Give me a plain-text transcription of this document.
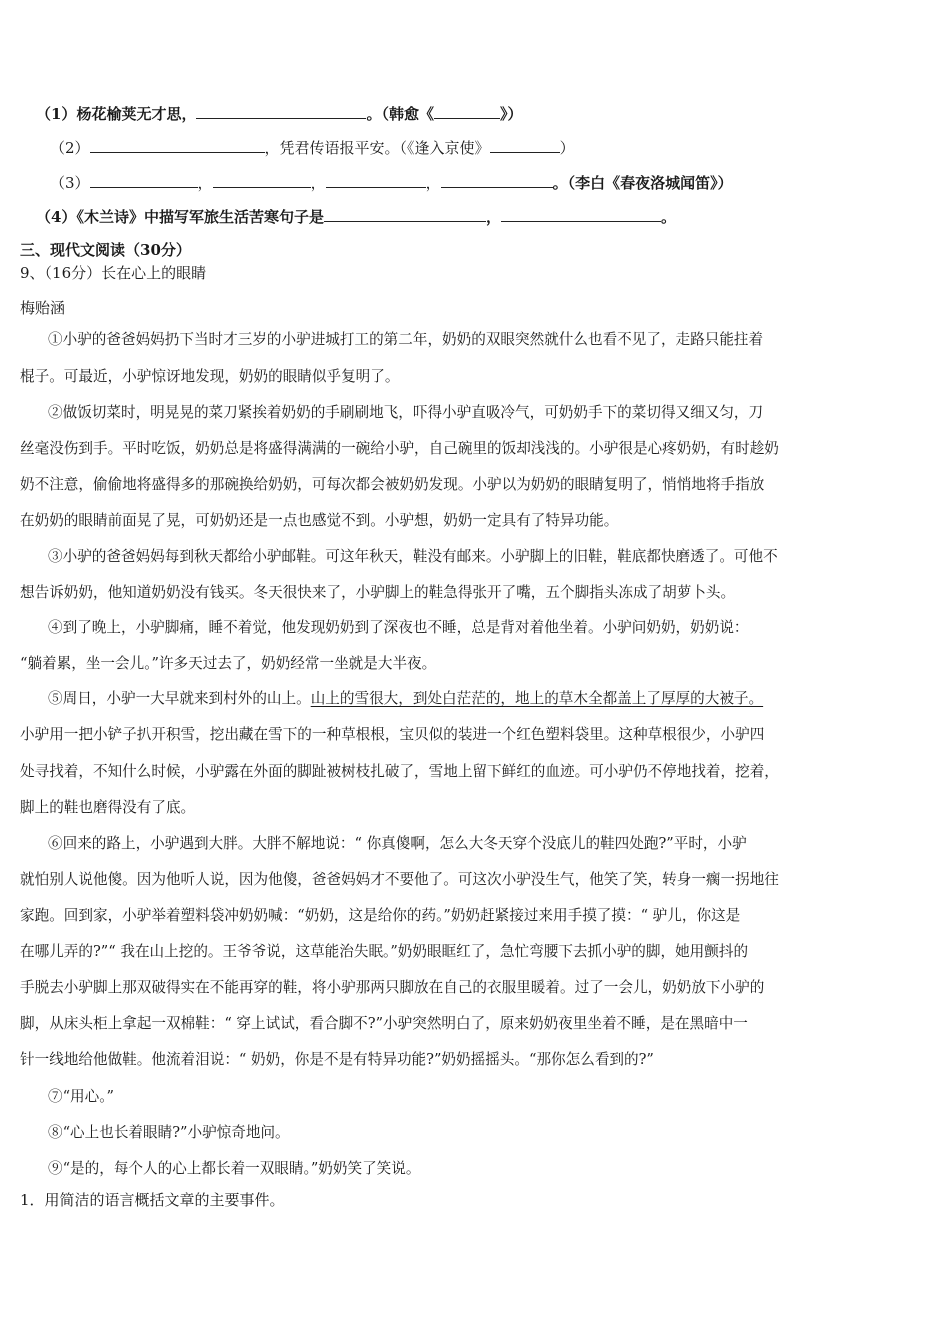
（1）杨花榆荚无才思，	。（韩愈《	》）
（2）	，凭君传语报平安。（《逢入京使》	）
（3）	，	，	，	。（李白《春夜洛城闻笛》）
（4）《木兰诗》中描写军旅生活苦寒句子是	，	。
三、现代文阅读（30分）
9、（16分）长在心上的眼睛
梅贻涵
①小驴的爸爸妈妈扔下当时才三岁的小驴进城打工的第二年，奶奶的双眼突然就什么也看不见了，走路只能拄着
棍子。可最近，小驴惊讶地发现，奶奶的眼睛似乎复明了。
②做饭切菜时，明晃晃的菜刀紧挨着奶奶的手刷刷地飞，吓得小驴直吸冷气，可奶奶手下的菜切得又细又匀，刀
丝毫没伤到手。平时吃饭，奶奶总是将盛得满满的一碗给小驴，自己碗里的饭却浅浅的。小驴很是心疼奶奶，有时趁奶
奶不注意，偷偷地将盛得多的那碗换给奶奶，可每次都会被奶奶发现。小驴以为奶奶的眼睛复明了，悄悄地将手指放
在奶奶的眼睛前面晃了晃，可奶奶还是一点也感觉不到。小驴想，奶奶一定具有了特异功能。
③小驴的爸爸妈妈每到秋天都给小驴邮鞋。可这年秋天，鞋没有邮来。小驴脚上的旧鞋，鞋底都快磨透了。可他不
想告诉奶奶，他知道奶奶没有钱买。冬天很快来了，小驴脚上的鞋急得张开了嘴，五个脚指头冻成了胡萝卜头。
④到了晚上，小驴脚痛，睡不着觉，他发现奶奶到了深夜也不睡，总是背对着他坐着。小驴问奶奶，奶奶说：
“躺着累，坐一会儿。”许多天过去了，奶奶经常一坐就是大半夜。
⑤周日，小驴一大早就来到村外的山上。山上的雪很大，到处白茫茫的，地上的草木全都盖上了厚厚的大被子。
小驴用一把小铲子扒开积雪，挖出藏在雪下的一种草根根，宝贝似的装进一个红色塑料袋里。这种草根很少，小驴四
处寻找着，不知什么时候，小驴露在外面的脚趾被树枝扎破了，雪地上留下鲜红的血迹。可小驴仍不停地找着，挖着，
脚上的鞋也磨得没有了底。
⑥回来的路上，小驴遇到大胖。大胖不解地说：“ 你真傻啊，怎么大冬天穿个没底儿的鞋四处跑?”平时，小驴
就怕别人说他傻。因为他听人说，因为他傻，爸爸妈妈才不要他了。可这次小驴没生气，他笑了笑，转身一瘸一拐地往
家跑。回到家，小驴举着塑料袋冲奶奶喊：“奶奶，这是给你的药。”奶奶赶紧接过来用手摸了摸：“ 驴儿，你这是
在哪儿弄的?”“ 我在山上挖的。王爷爷说，这草能治失眠。”奶奶眼眶红了，急忙弯腰下去抓小驴的脚，她用颤抖的
手脱去小驴脚上那双破得实在不能再穿的鞋，将小驴那两只脚放在自己的衣服里暖着。过了一会儿，奶奶放下小驴的
脚，从床头柜上拿起一双棉鞋：“ 穿上试试，看合脚不?”小驴突然明白了，原来奶奶夜里坐着不睡，是在黑暗中一
针一线地给他做鞋。他流着泪说：“ 奶奶，你是不是有特异功能?”奶奶摇摇头。“那你怎么看到的?”
⑦“用心。”
⑧“心上也长着眼睛?”小驴惊奇地问。
⑨“是的，每个人的心上都长着一双眼睛。”奶奶笑了笑说。
1．用简洁的语言概括文章的主要事件。
